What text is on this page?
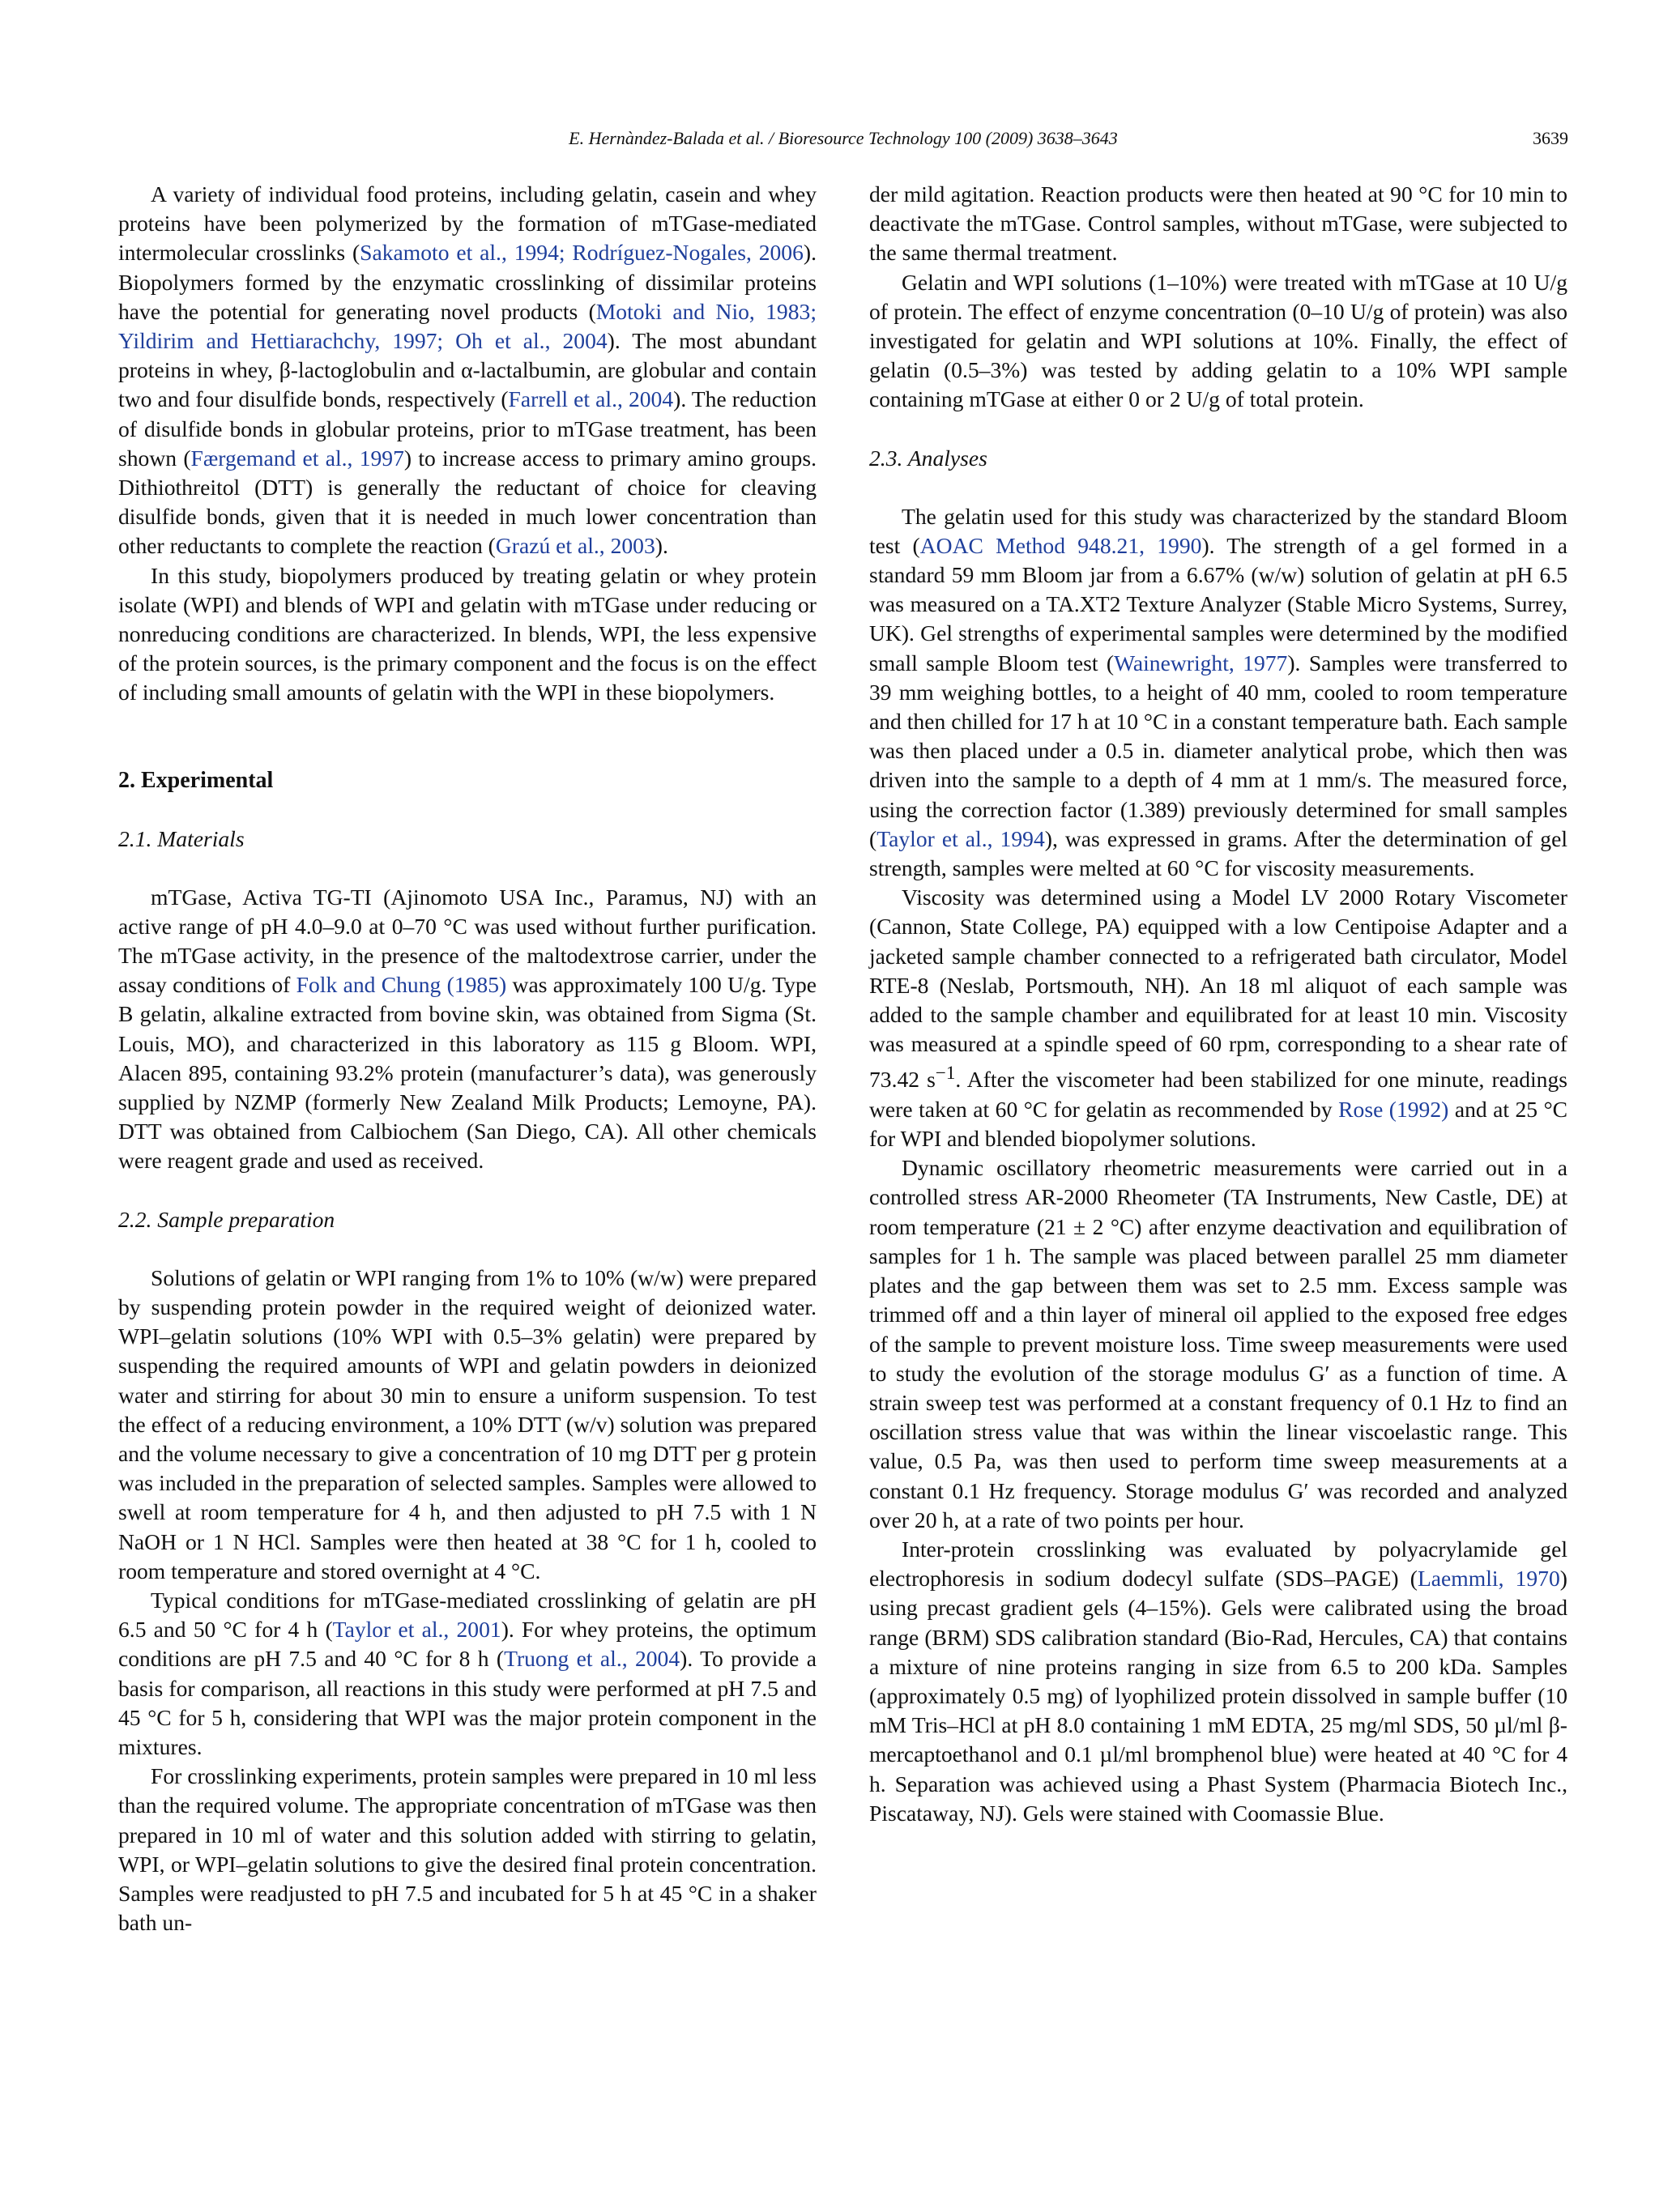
E. Hernàndez-Balada et al. / Bioresource Technology 100 (2009) 3638–3643	3639

A variety of individual food proteins, including gelatin, casein and whey proteins have been polymerized by the formation of mTGase-mediated intermolecular crosslinks (Sakamoto et al., 1994; Rodríguez-Nogales, 2006). Biopolymers formed by the enzymatic crosslinking of dissimilar proteins have the potential for generating novel products (Motoki and Nio, 1983; Yildirim and Hettiarachchy, 1997; Oh et al., 2004). The most abundant proteins in whey, β-lactoglobulin and α-lactalbumin, are globular and contain two and four disulfide bonds, respectively (Farrell et al., 2004). The reduction of disulfide bonds in globular proteins, prior to mTGase treatment, has been shown (Færgemand et al., 1997) to increase access to primary amino groups. Dithiothreitol (DTT) is generally the reductant of choice for cleaving disulfide bonds, given that it is needed in much lower concentration than other reductants to complete the reaction (Grazú et al., 2003).

In this study, biopolymers produced by treating gelatin or whey protein isolate (WPI) and blends of WPI and gelatin with mTGase under reducing or nonreducing conditions are characterized. In blends, WPI, the less expensive of the protein sources, is the primary component and the focus is on the effect of including small amounts of gelatin with the WPI in these biopolymers.

2. Experimental
2.1. Materials

mTGase, Activa TG-TI (Ajinomoto USA Inc., Paramus, NJ) with an active range of pH 4.0–9.0 at 0–70 °C was used without further purification. The mTGase activity, in the presence of the maltodextrose carrier, under the assay conditions of Folk and Chung (1985) was approximately 100 U/g. Type B gelatin, alkaline extracted from bovine skin, was obtained from Sigma (St. Louis, MO), and characterized in this laboratory as 115 g Bloom. WPI, Alacen 895, containing 93.2% protein (manufacturer’s data), was generously supplied by NZMP (formerly New Zealand Milk Products; Lemoyne, PA). DTT was obtained from Calbiochem (San Diego, CA). All other chemicals were reagent grade and used as received.

2.2. Sample preparation

Solutions of gelatin or WPI ranging from 1% to 10% (w/w) were prepared by suspending protein powder in the required weight of deionized water. WPI–gelatin solutions (10% WPI with 0.5–3% gelatin) were prepared by suspending the required amounts of WPI and gelatin powders in deionized water and stirring for about 30 min to ensure a uniform suspension. To test the effect of a reducing environment, a 10% DTT (w/v) solution was prepared and the volume necessary to give a concentration of 10 mg DTT per g protein was included in the preparation of selected samples. Samples were allowed to swell at room temperature for 4 h, and then adjusted to pH 7.5 with 1 N NaOH or 1 N HCl. Samples were then heated at 38 °C for 1 h, cooled to room temperature and stored overnight at 4 °C.

Typical conditions for mTGase-mediated crosslinking of gelatin are pH 6.5 and 50 °C for 4 h (Taylor et al., 2001). For whey proteins, the optimum conditions are pH 7.5 and 40 °C for 8 h (Truong et al., 2004). To provide a basis for comparison, all reactions in this study were performed at pH 7.5 and 45 °C for 5 h, considering that WPI was the major protein component in the mixtures.

For crosslinking experiments, protein samples were prepared in 10 ml less than the required volume. The appropriate concentration of mTGase was then prepared in 10 ml of water and this solution added with stirring to gelatin, WPI, or WPI–gelatin solutions to give the desired final protein concentration. Samples were readjusted to pH 7.5 and incubated for 5 h at 45 °C in a shaker bath un-

der mild agitation. Reaction products were then heated at 90 °C for 10 min to deactivate the mTGase. Control samples, without mTGase, were subjected to the same thermal treatment.

Gelatin and WPI solutions (1–10%) were treated with mTGase at 10 U/g of protein. The effect of enzyme concentration (0–10 U/g of protein) was also investigated for gelatin and WPI solutions at 10%. Finally, the effect of gelatin (0.5–3%) was tested by adding gelatin to a 10% WPI sample containing mTGase at either 0 or 2 U/g of total protein.

2.3. Analyses

The gelatin used for this study was characterized by the standard Bloom test (AOAC Method 948.21, 1990). The strength of a gel formed in a standard 59 mm Bloom jar from a 6.67% (w/w) solution of gelatin at pH 6.5 was measured on a TA.XT2 Texture Analyzer (Stable Micro Systems, Surrey, UK). Gel strengths of experimental samples were determined by the modified small sample Bloom test (Wainewright, 1977). Samples were transferred to 39 mm weighing bottles, to a height of 40 mm, cooled to room temperature and then chilled for 17 h at 10 °C in a constant temperature bath. Each sample was then placed under a 0.5 in. diameter analytical probe, which then was driven into the sample to a depth of 4 mm at 1 mm/s. The measured force, using the correction factor (1.389) previously determined for small samples (Taylor et al., 1994), was expressed in grams. After the determination of gel strength, samples were melted at 60 °C for viscosity measurements.

Viscosity was determined using a Model LV 2000 Rotary Viscometer (Cannon, State College, PA) equipped with a low Centipoise Adapter and a jacketed sample chamber connected to a refrigerated bath circulator, Model RTE-8 (Neslab, Portsmouth, NH). An 18 ml aliquot of each sample was added to the sample chamber and equilibrated for at least 10 min. Viscosity was measured at a spindle speed of 60 rpm, corresponding to a shear rate of 73.42 $s^{-1}$. After the viscometer had been stabilized for one minute, readings were taken at 60 °C for gelatin as recommended by Rose (1992) and at 25 °C for WPI and blended biopolymer solutions.

Dynamic oscillatory rheometric measurements were carried out in a controlled stress AR-2000 Rheometer (TA Instruments, New Castle, DE) at room temperature (21 ± 2 °C) after enzyme deactivation and equilibration of samples for 1 h. The sample was placed between parallel 25 mm diameter plates and the gap between them was set to 2.5 mm. Excess sample was trimmed off and a thin layer of mineral oil applied to the exposed free edges of the sample to prevent moisture loss. Time sweep measurements were used to study the evolution of the storage modulus G′ as a function of time. A strain sweep test was performed at a constant frequency of 0.1 Hz to find an oscillation stress value that was within the linear viscoelastic range. This value, 0.5 Pa, was then used to perform time sweep measurements at a constant 0.1 Hz frequency. Storage modulus G′ was recorded and analyzed over 20 h, at a rate of two points per hour.

Inter-protein crosslinking was evaluated by polyacrylamide gel electrophoresis in sodium dodecyl sulfate (SDS–PAGE) (Laemmli, 1970) using precast gradient gels (4–15%). Gels were calibrated using the broad range (BRM) SDS calibration standard (Bio-Rad, Hercules, CA) that contains a mixture of nine proteins ranging in size from 6.5 to 200 kDa. Samples (approximately 0.5 mg) of lyophilized protein dissolved in sample buffer (10 mM Tris–HCl at pH 8.0 containing 1 mM EDTA, 25 mg/ml SDS, 50 µl/ml β-mercaptoethanol and 0.1 µl/ml bromphenol blue) were heated at 40 °C for 4 h. Separation was achieved using a Phast System (Pharmacia Biotech Inc., Piscataway, NJ). Gels were stained with Coomassie Blue.
